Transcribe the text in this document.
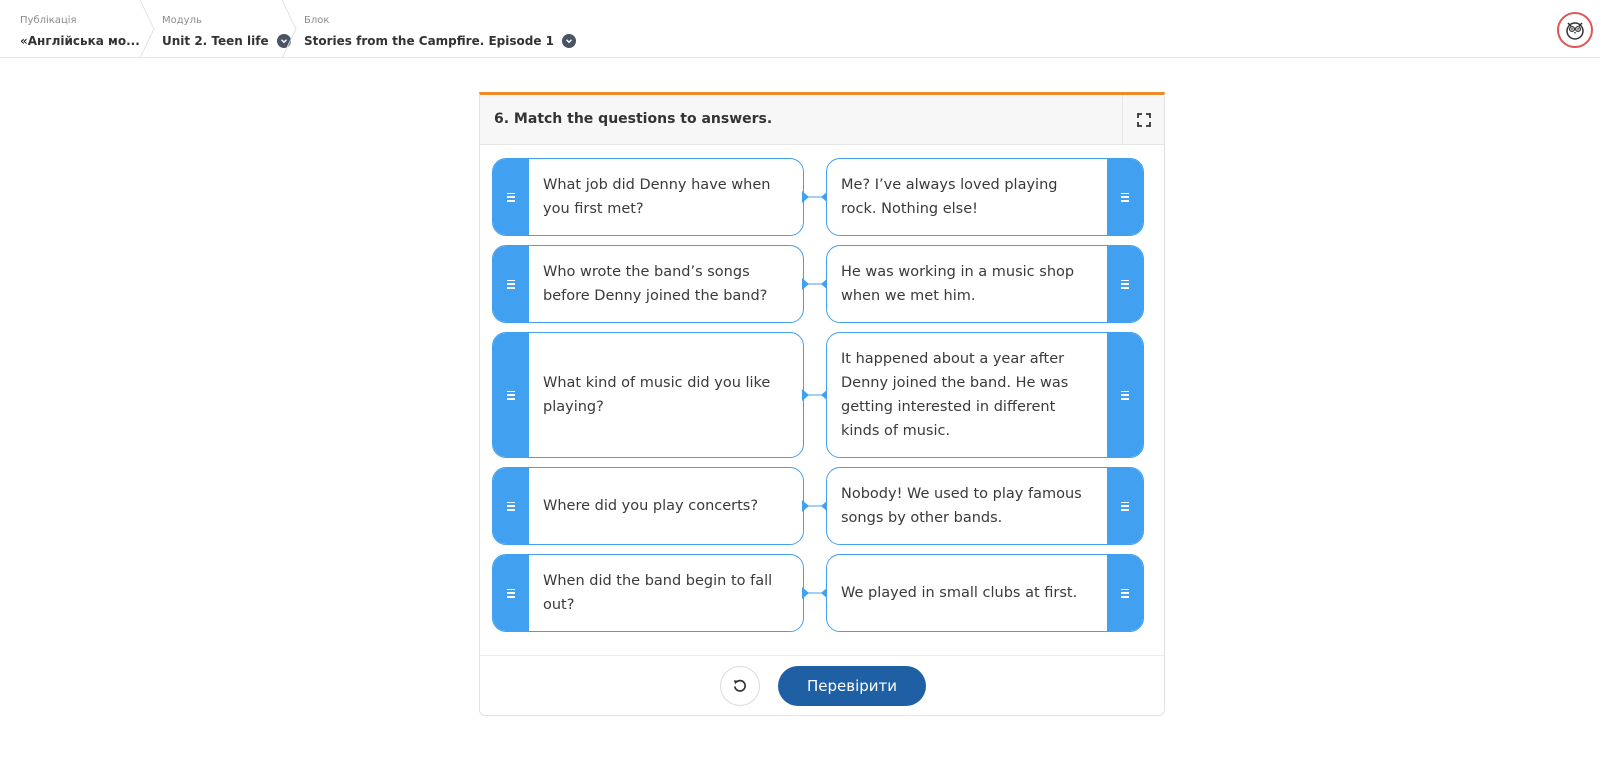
Публікація
«Англійська мо...
Модуль
Unit 2. Teen life
Блок
Stories from the Campfire. Episode 1
6. Match the questions to answers.
What job did Denny have when you first met?
Me? I’ve always loved playing rock. Nothing else!
Who wrote the band’s songs before Denny joined the band?
He was working in a music shop when we met him.
What kind of music did you like playing?
It happened about a year after Denny joined the band. He was getting interested in different kinds of music.
Where did you play concerts?
Nobody! We used to play famous songs by other bands.
When did the band begin to fall out?
We played in small clubs at first.
Перевірити
